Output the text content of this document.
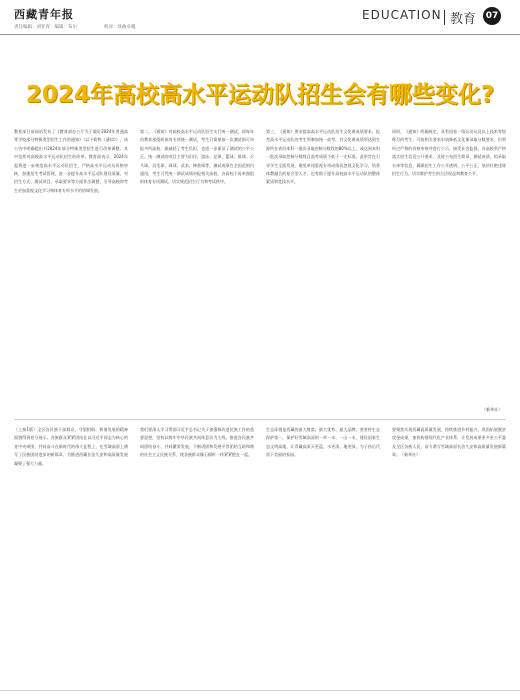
西藏青年报
责任编辑：刘亚青　编辑：布尔　　　　　　校对：珍曲卓嘎
EDUCATION 教育	07
2024年高校高水平运动队招生会有哪些变化?

教育部日前网站发布了《教育部办公厅关于做好2024年普通高等学校部分特殊类型招生工作的通知》（以下简称《通知》），该公告中明确提出对2024年部分特殊类型招生进行改革调整，其中包括对高校高水平运动队招生的改革。教育部表示，2024年起将进一步规范高水平运动队招生，严格高水平运动员资格审核，加强招生考试管理，进一步提升高水平运动队建设质量，对招生方式、测试项目、录取要求等方面作出调整，引导高校和考生更加重视文化学习和体育专项水平的协调发展。

第二，《通知》对高校高水平运动队招生实行统一测试，即每年由教育部组织体育专项统一测试，考生只需参加一次测试即可申报多所高校，既减轻了考生负担，也进一步保证了测试的公平公正。统一测试的项目主要为田径、游泳、足球、篮球、排球、乒乓球、羽毛球、网球、武术、棒垒球等，测试成绩在全国范围内通用，考生可凭统一测试成绩申报相关高校，各高校不再单独组织体育专项测试，切实规范招生行为和考试秩序。

第三，《通知》要求提高高水平运动队招生文化课成绩要求，报考高水平运动队的考生须参加统一高考，其文化课成绩须达到生源所在省份本科一批次录取控制分数线的80%以上，或达到本科一批次录取控制分数线且高考成绩不低于一定标准。此举旨在引导学生全面发展，避免单纯重视专项成绩而忽视文化学习，培养体教融合的复合型人才，也有助于提升高校高水平运动队的整体素质和竞技水平。

同时，《通知》明确规定，具有国家一级运动员及以上技术等级称号的考生，可按相关要求申请降低文化课录取分数要求，但须经过严格的资格审核并进行公示，接受社会监督。各高校须严格落实招生信息公开要求，及时公布招生简章、测试成绩、拟录取名单等信息，确保招生工作公开透明、公平公正，坚决杜绝违规招生行为，切实维护考生的合法权益和教育公平。

（新华社）

（上接1版）全区各民族干部群众，守望相助、和谐发展的精神面貌得到充分展示。各族群众紧紧团结在以习近平同志为核心的党中央周围，共同奋斗在新时代的伟大征程上，在雪域高原上谱写了民族团结进步的新篇章，为推进西藏长治久安和高质量发展凝聚了强大力量。

我们要深入学习贯彻习近平总书记关于加强和改进民族工作的重要思想，坚持以铸牢中华民族共同体意识为主线，推进各民族共同团结奋斗、共同繁荣发展，不断巩固和发展平等团结互助和谐的社会主义民族关系，使各族群众像石榴籽一样紧紧抱在一起。

生态环境是西藏的最大财富、最大优势、最大品牌，要坚持生态保护第一，保护好雪域高原的一草一木、一山一水，建设国家生态文明高地，让青藏高原天更蓝、水更清、地更绿，为子孙后代留下美丽的家园。

要聚焦实现西藏高质量发展，持续推进乡村振兴，巩固拓展脱贫攻坚成果，加快构建现代化产业体系，让发展成果更多更公平惠及全区各族人民，奋力谱写雪域高原长治久安和高质量发展新篇章。（新华社）
